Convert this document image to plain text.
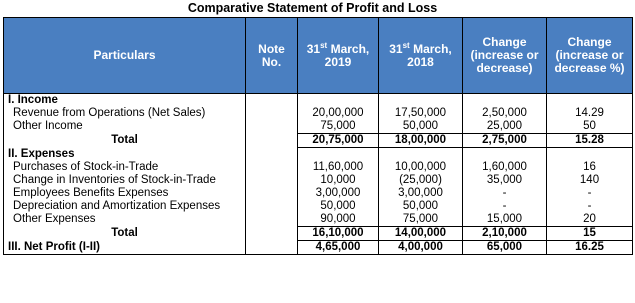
Comparative Statement of Profit and Loss
Particulars	Note No.	31st March, 2019	31st March, 2018	Change (increase or decrease)	Change (increase or decrease %)
I. Income					
Revenue from Operations (Net Sales)		20,00,000	17,50,000	2,50,000	14.29
Other Income		75,000	50,000	25,000	50
Total		20,75,000	18,00,000	2,75,000	15.28
II. Expenses					
Purchases of Stock-in-Trade		11,60,000	10,00,000	1,60,000	16
Change in Inventories of Stock-in-Trade		10,000	(25,000)	35,000	140
Employees Benefits Expenses		3,00,000	3,00,000	-	-
Depreciation and Amortization Expenses		50,000	50,000	-	-
Other Expenses		90,000	75,000	15,000	20
Total		16,10,000	14,00,000	2,10,000	15
III. Net Profit (I-II)		4,65,000	4,00,000	65,000	16.25
